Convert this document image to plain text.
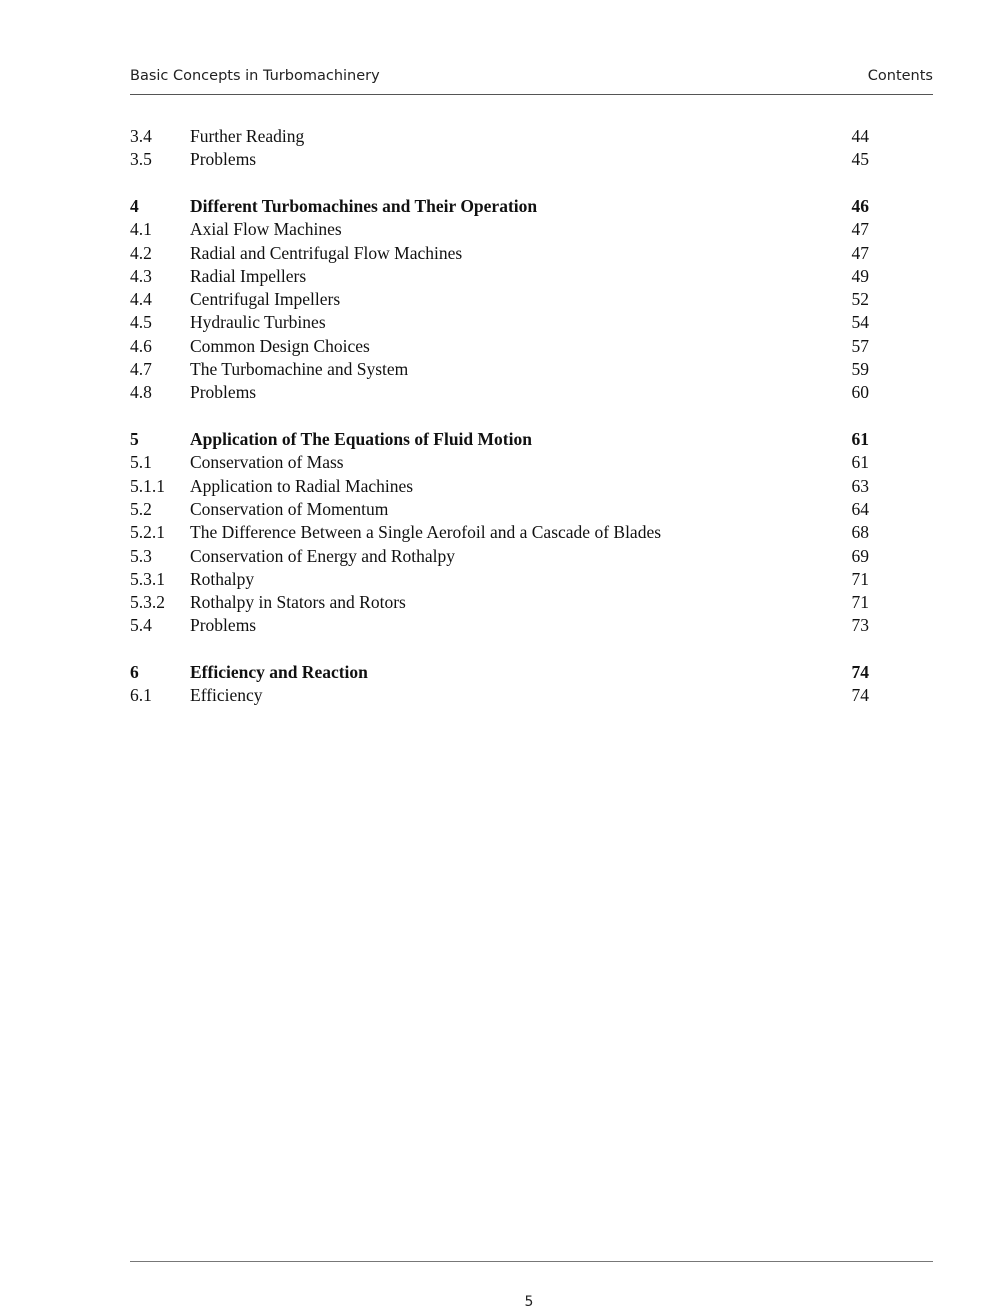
Basic Concepts in Turbomachinery	Contents
3.4 Further Reading	44
3.5 Problems	45
4	Different Turbomachines and Their Operation	46
4.1 Axial Flow Machines	47
4.2 Radial and Centrifugal Flow Machines	47
4.3 Radial Impellers	49
4.4 Centrifugal Impellers	52
4.5 Hydraulic Turbines	54
4.6 Common Design Choices	57
4.7 The Turbomachine and System	59
4.8 Problems	60
5	Application of The Equations of Fluid Motion	61
5.1 Conservation of Mass	61
5.1.1 Application to Radial Machines	63
5.2 Conservation of Momentum	64
5.2.1 The Difference Between a Single Aerofoil and a Cascade of Blades	68
5.3 Conservation of Energy and Rothalpy	69
5.3.1 Rothalpy	71
5.3.2 Rothalpy in Stators and Rotors	71
5.4 Problems	73
6	Efficiency and Reaction	74
6.1 Efficiency	74
5
